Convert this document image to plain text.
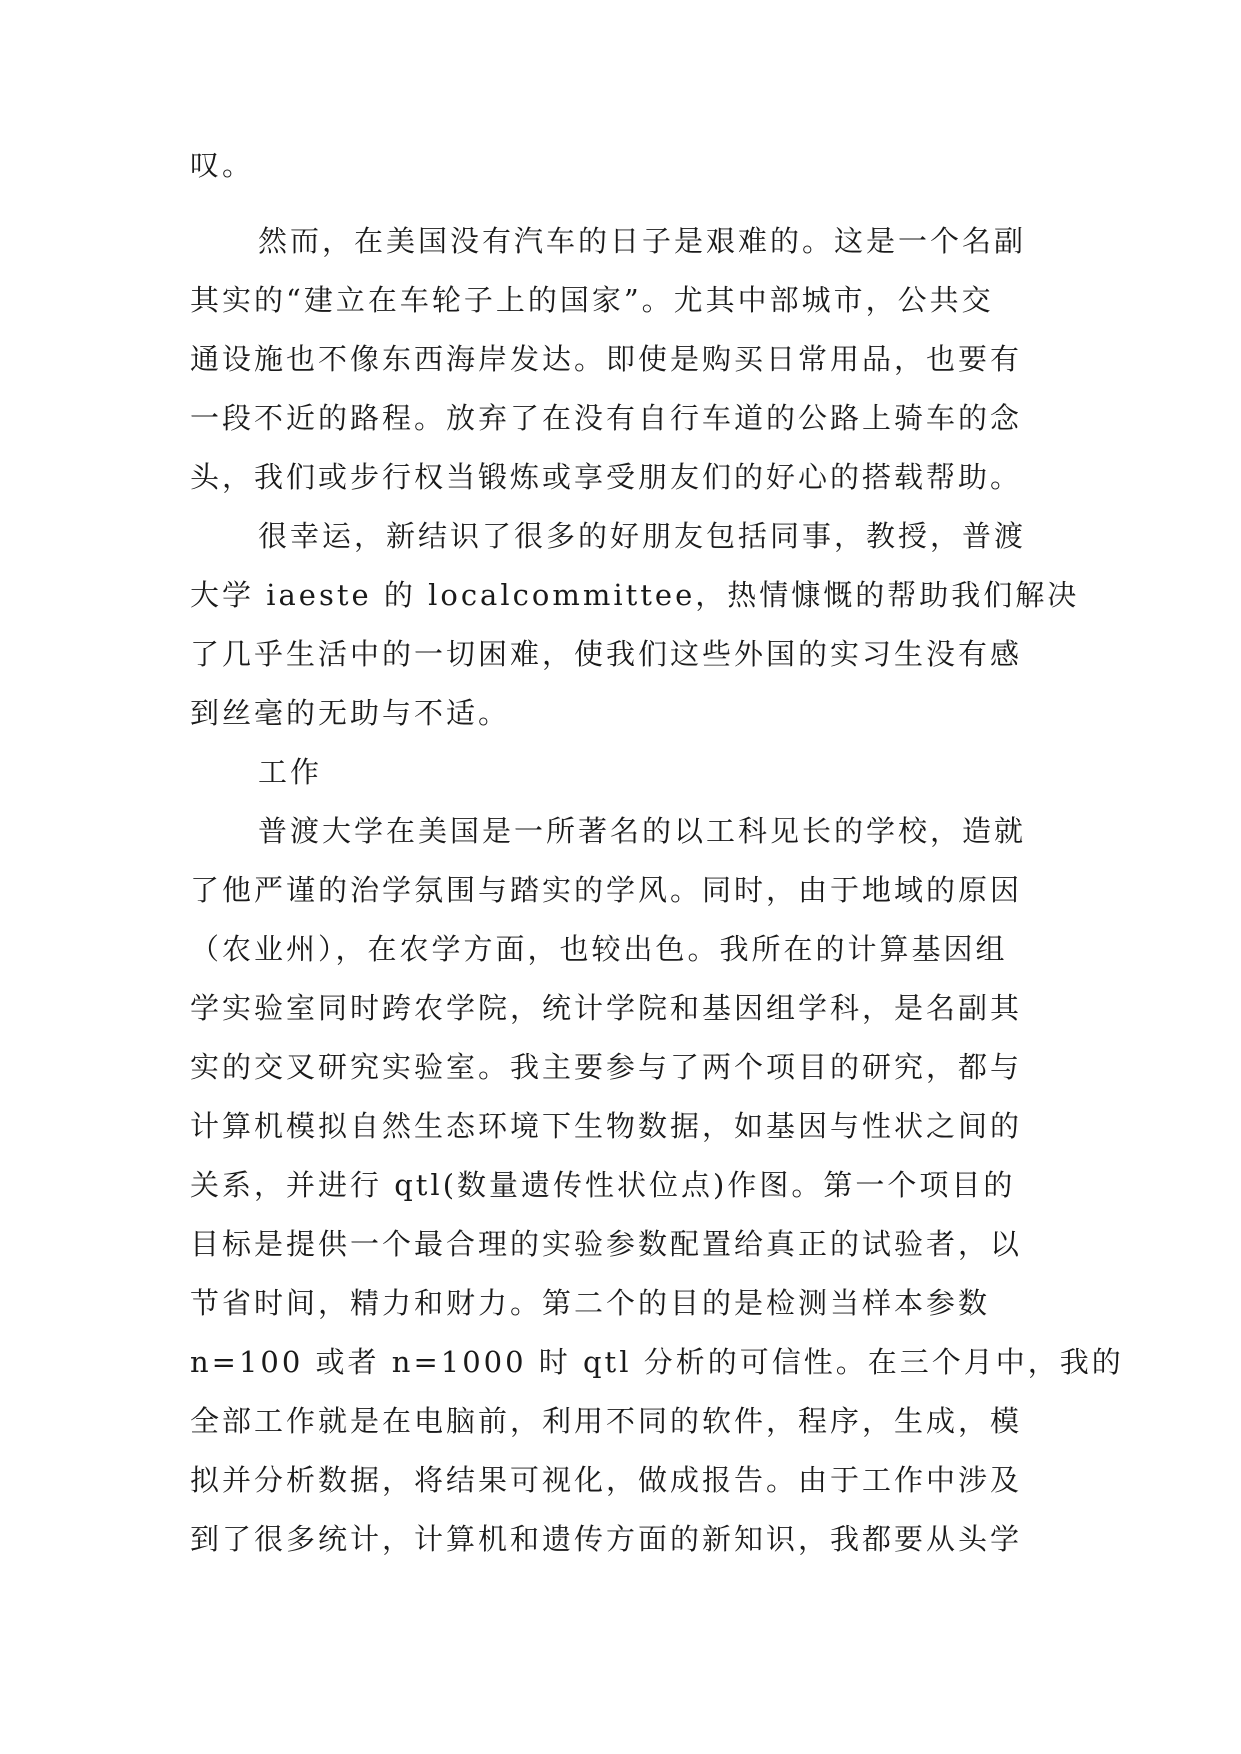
叹。
然而，在美国没有汽车的日子是艰难的。这是一个名副
其实的“建立在车轮子上的国家”。尤其中部城市，公共交
通设施也不像东西海岸发达。即使是购买日常用品，也要有
一段不近的路程。放弃了在没有自行车道的公路上骑车的念
头，我们或步行权当锻炼或享受朋友们的好心的搭载帮助。
很幸运，新结识了很多的好朋友包括同事，教授，普渡
大学 iaeste 的 localcommittee，热情慷慨的帮助我们解决
了几乎生活中的一切困难，使我们这些外国的实习生没有感
到丝毫的无助与不适。
工作
普渡大学在美国是一所著名的以工科见长的学校，造就
了他严谨的治学氛围与踏实的学风。同时，由于地域的原因
（农业州），在农学方面，也较出色。我所在的计算基因组
学实验室同时跨农学院，统计学院和基因组学科，是名副其
实的交叉研究实验室。我主要参与了两个项目的研究，都与
计算机模拟自然生态环境下生物数据，如基因与性状之间的
关系，并进行 qtl(数量遗传性状位点)作图。第一个项目的
目标是提供一个最合理的实验参数配置给真正的试验者，以
节省时间，精力和财力。第二个的目的是检测当样本参数
n=100 或者 n=1000 时 qtl 分析的可信性。在三个月中，我的
全部工作就是在电脑前，利用不同的软件，程序，生成，模
拟并分析数据，将结果可视化，做成报告。由于工作中涉及
到了很多统计，计算机和遗传方面的新知识，我都要从头学
